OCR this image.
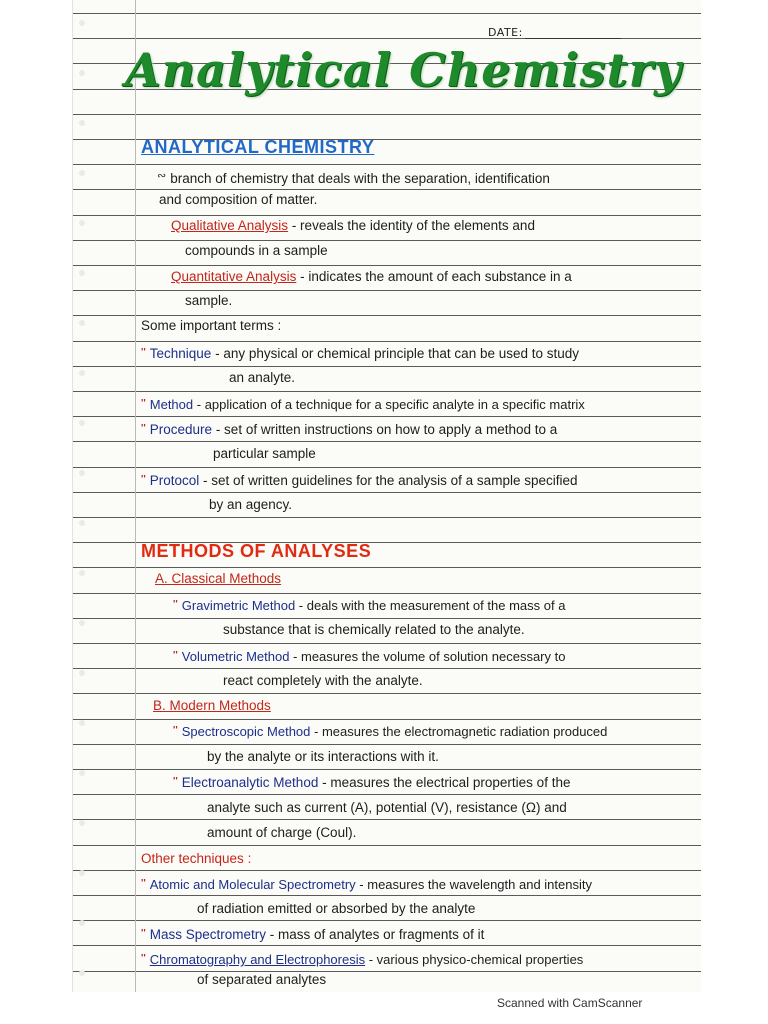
DATE:
Analytical Chemistry
ANALYTICAL CHEMISTRY
∾ branch of chemistry that deals with the separation, identification
and composition of matter.
Qualitative Analysis - reveals the identity of the elements and
compounds in a sample
Quantitative Analysis - indicates the amount of each substance in a
sample.
Some important terms :
'' Technique - any physical or chemical principle that can be used to study
an analyte.
'' Method - application of a technique for a specific analyte in a specific matrix
'' Procedure - set of written instructions on how to apply a method to a
particular sample
'' Protocol - set of written guidelines for the analysis of a sample specified
by an agency.
METHODS OF ANALYSES
A. Classical Methods
'' Gravimetric Method - deals with the measurement of the mass of a
substance that is chemically related to the analyte.
'' Volumetric Method - measures the volume of solution necessary to
react completely with the analyte.
B. Modern Methods
'' Spectroscopic Method - measures the electromagnetic radiation produced
by the analyte or its interactions with it.
'' Electroanalytic Method - measures the electrical properties of the
analyte such as current (A), potential (V), resistance (Ω) and
amount of charge (Coul).
Other techniques :
'' Atomic and Molecular Spectrometry - measures the wavelength and intensity
of radiation emitted or absorbed by the analyte
'' Mass Spectrometry - mass of analytes or fragments of it
'' Chromatography and Electrophoresis - various physico-chemical properties
of separated analytes
Scanned with CamScanner
